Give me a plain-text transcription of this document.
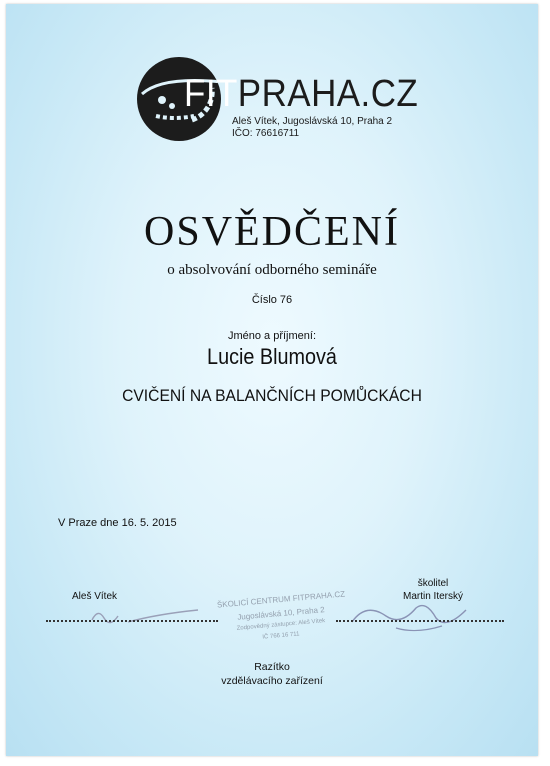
FITPRAHA.CZ
Aleš Vítek, Jugoslávská 10, Praha 2
IČO: 76616711
OSVĚDČENÍ
o absolvování odborného semináře
Číslo 76
Jméno a příjmení:
Lucie Blumová
CVIČENÍ NA BALANČNÍCH POMŮCKÁCH
V Praze dne 16. 5. 2015
Aleš Vítek
školitel
Martin Iterský
ŠKOLICÍ CENTRUM FITPRAHA.CZ
Jugoslávská 10, Praha 2
Zodpovědný zástupce: Aleš Vítek
IČ 766 16 711
Razítko
vzdělávacího zařízení
